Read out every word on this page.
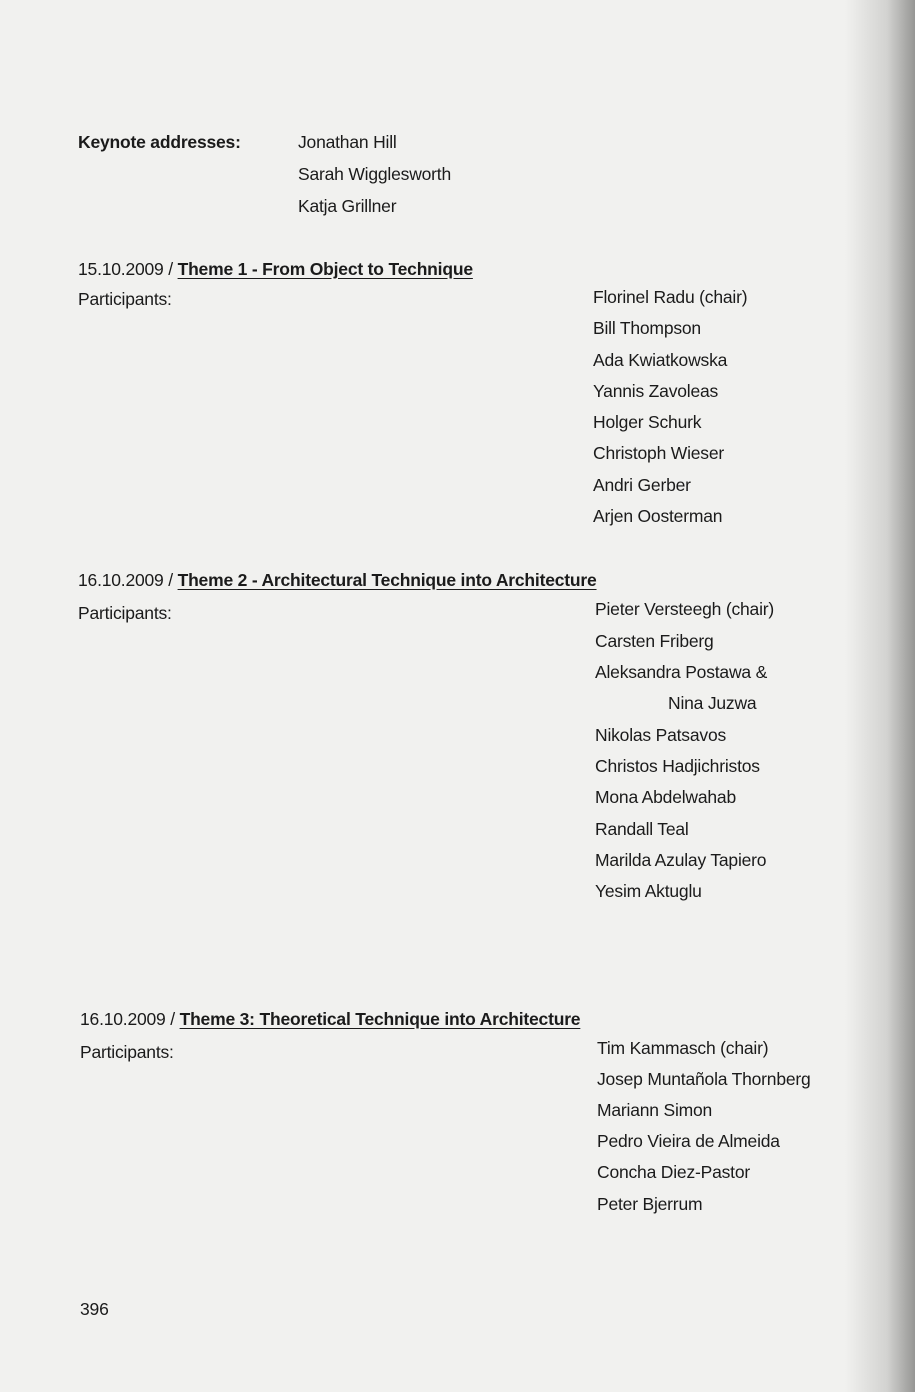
Keynote addresses:	Jonathan Hill
Sarah Wigglesworth
Katja Grillner
15.10.2009 / Theme 1 - From Object to Technique
Participants:	Florinel Radu (chair)
Bill Thompson
Ada Kwiatkowska
Yannis Zavoleas
Holger Schurk
Christoph Wieser
Andri Gerber
Arjen Oosterman
16.10.2009 / Theme 2 - Architectural Technique into Architecture
Participants:	Pieter Versteegh (chair)
Carsten Friberg
Aleksandra Postawa &
Nina Juzwa
Nikolas Patsavos
Christos Hadjichristos
Mona Abdelwahab
Randall Teal
Marilda Azulay Tapiero
Yesim Aktuglu
16.10.2009 / Theme 3: Theoretical Technique into Architecture
Participants:	Tim Kammasch (chair)
Josep Muntañola Thornberg
Mariann Simon
Pedro Vieira de Almeida
Concha Diez-Pastor
Peter Bjerrum
396
